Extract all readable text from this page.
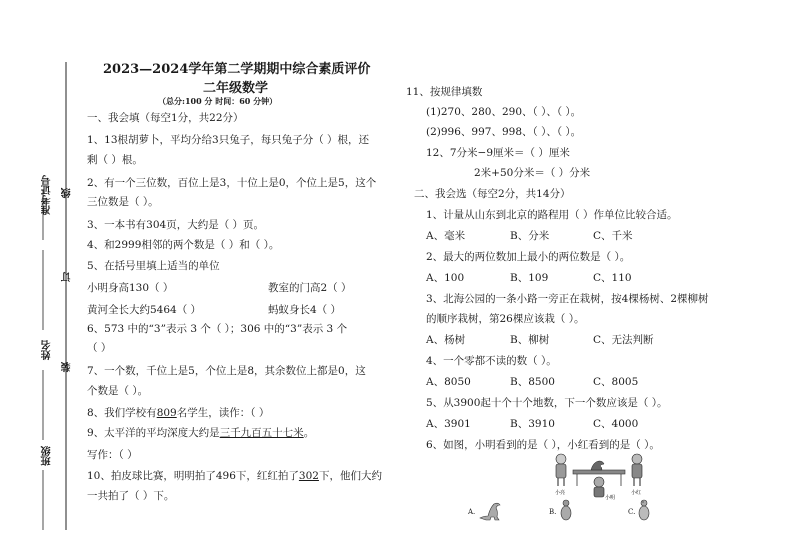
准考证号 线
订
姓名
装
班级
2023—2024学年第二学期期中综合素质评价
二年级数学
（总分:100 分 时间：60 分钟）
一、我会填（每空1分，共22分）
1、13根胡萝卜，平均分给3只兔子，每只兔子分（ ）根，还
剩（ ）根。
2、有一个三位数，百位上是3，十位上是0，个位上是5，这个
三位数是（ ）。
3、一本书有304页，大约是（ ）页。
4、和2999相邻的两个数是（ ）和（ ）。
5、在括号里填上适当的单位
小明身高130（ ）	教室的门高2（ ）
黄河全长大约5464（ ）	蚂蚁身长4（ ）
6、573 中的“3”表示 3 个（ ）；306 中的“3”表示 3 个
（ ）
7、一个数，千位上是5，个位上是8，其余数位上都是0，这
个数是（ ）。
8、我们学校有809名学生，读作：（ ）
9、太平洋的平均深度大约是三千九百五十七米。
写作：（ ）
10、拍皮球比赛，明明拍了496下，红红拍了302下，他们大约
一共拍了（ ）下。
11、按规律填数
(1)270、280、290、（ ）、（ ）。
(2)996、997、998、（ ）、（ ）。
12、7分米−9厘米＝（ ）厘米
2米+50分米＝（ ）分米
二、我会选（每空2分，共14分）
1、计量从山东到北京的路程用（ ）作单位比较合适。
A、毫米	B、分米	C、千米
2、最大的两位数加上最小的两位数是（ ）。
A、100	B、109	C、110
3、北海公园的一条小路一旁正在栽树，按4棵杨树、2棵柳树
的顺序栽树，第26棵应该栽（ ）。
A、杨树	B、柳树	C、无法判断
4、一个零都不读的数（ ）。
A、8050	B、8500	C、8005
5、从3900起十个十个地数，下一个数应该是（ ）。
A、3901	B、3910	C、4000
6、如图，小明看到的是（ ），小红看到的是（ ）。
小亮
小明
小红
A.	B.	C.
